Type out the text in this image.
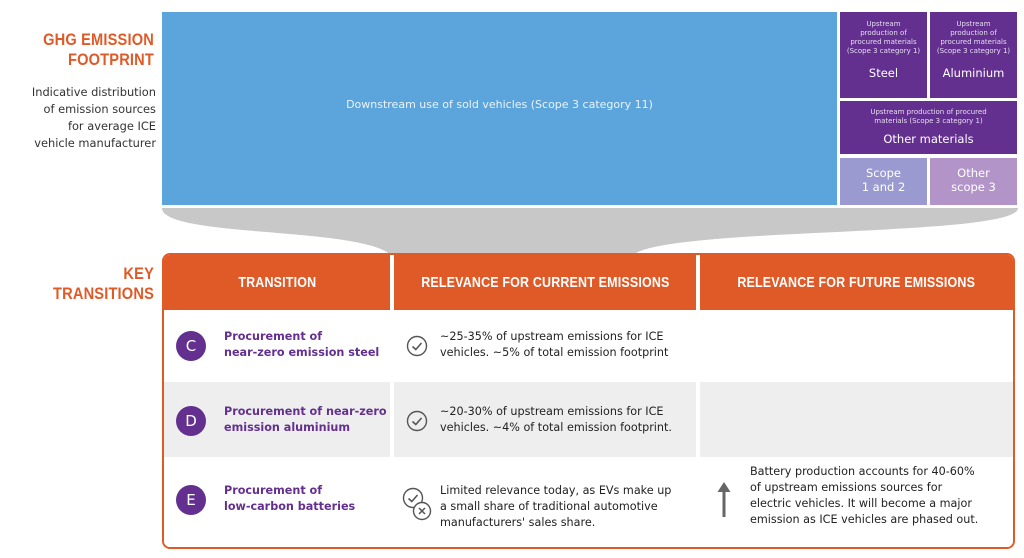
GHG EMISSION
FOOTPRINT
Indicative distribution
of emission sources
for average ICE
vehicle manufacturer
KEY
TRANSITIONS
Downstream use of sold vehicles (Scope 3 category 11)
Upstream
production of
procured materials
(Scope 3 category 1)
Steel
Upstream
production of
procured materials
(Scope 3 category 1)
Aluminium
Upstream production of procured
materials (Scope 3 category 1)
Other materials
Scope
1 and 2
Other
scope 3
TRANSITION	RELEVANCE FOR CURRENT EMISSIONS	RELEVANCE FOR FUTURE EMISSIONS
C
Procurement of
near-zero emission steel
~25-35% of upstream emissions for ICE
vehicles. ~5% of total emission footprint
D
Procurement of near-zero
emission aluminium
~20-30% of upstream emissions for ICE
vehicles. ~4% of total emission footprint.
E
Procurement of
low-carbon batteries
Limited relevance today, as EVs make up
a small share of traditional automotive
manufacturers' sales share.
Battery production accounts for 40-60%
of upstream emissions sources for
electric vehicles. It will become a major
emission as ICE vehicles are phased out.
